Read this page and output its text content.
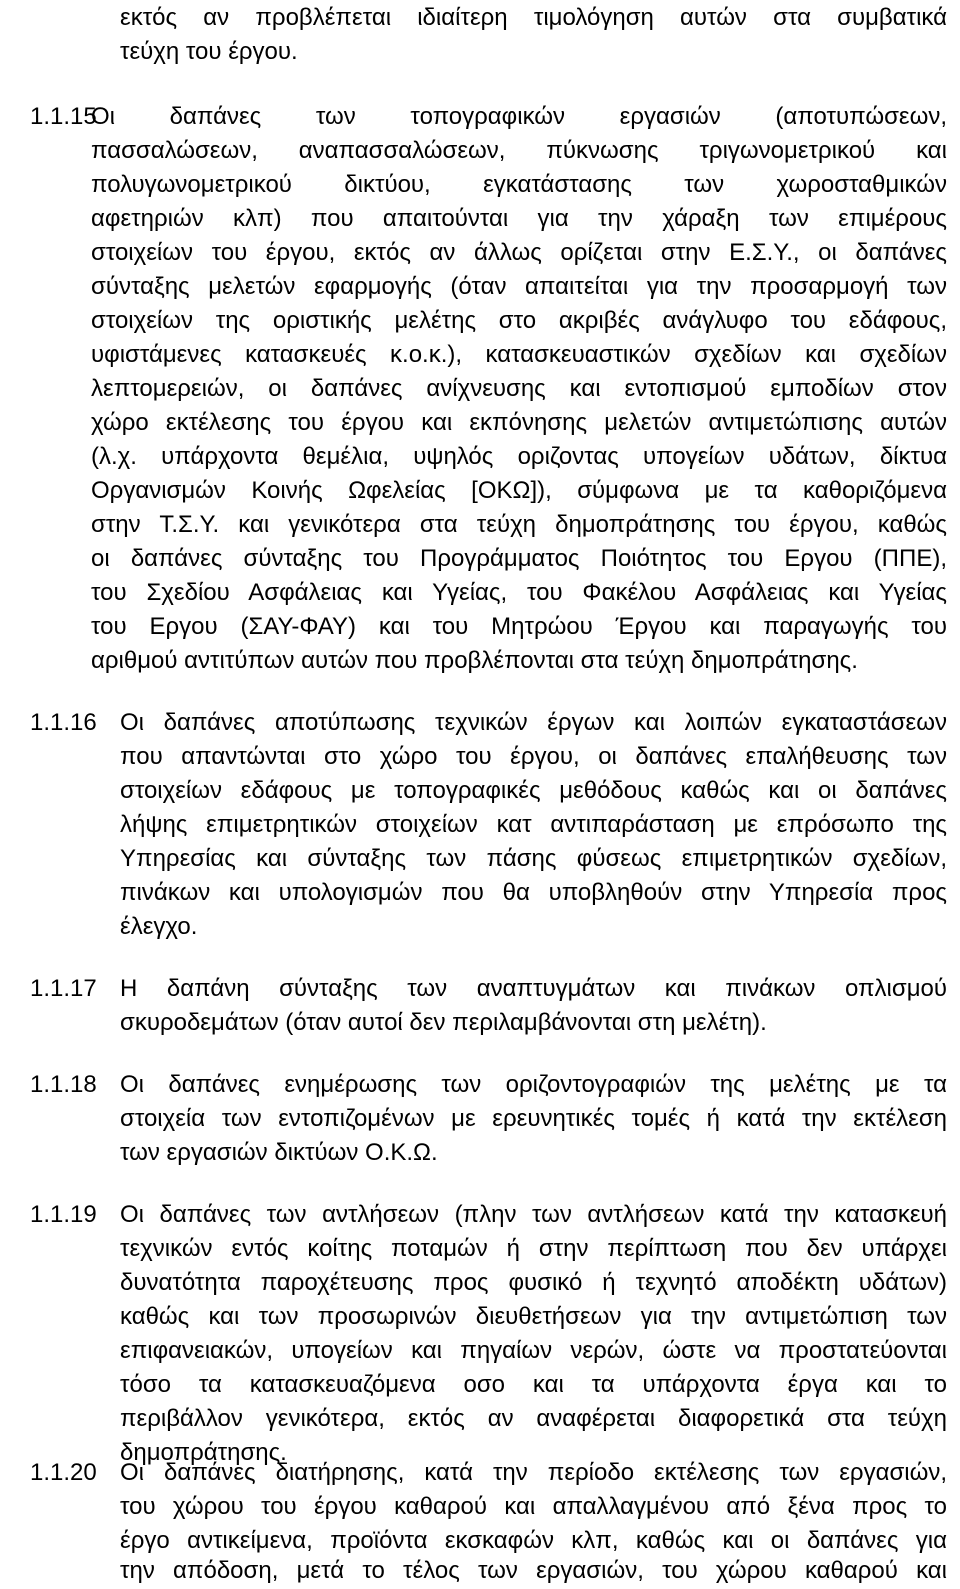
εκτός αν προβλέπεται ιδιαίτερη τιμολόγηση αυτών στα συμβατικά
τεύχη του έργου.
1.1.15
Οι δαπάνες των τοπογραφικών εργασιών (αποτυπώσεων,
πασσαλώσεων, αναπασσαλώσεων, πύκνωσης τριγωνομετρικού και
πολυγωνομετρικού δικτύου, εγκατάστασης των χωροσταθμικών
αφετηριών κλπ) που απαιτούνται για την χάραξη των επιμέρους
στοιχείων του έργου, εκτός αν άλλως ορίζεται στην Ε.Σ.Υ., οι δαπάνες
σύνταξης μελετών εφαρμογής (όταν απαιτείται για την προσαρμογή των
στοιχείων της οριστικής μελέτης στο ακριβές ανάγλυφο του εδάφους,
υφιστάμενες κατασκευές κ.ο.κ.), κατασκευαστικών σχεδίων και σχεδίων
λεπτομερειών, οι δαπάνες ανίχνευσης και εντοπισμού εμποδίων στον
χώρο εκτέλεσης του έργου και εκπόνησης μελετών αντιμετώπισης αυτών
(λ.χ. υπάρχοντα θεμέλια, υψηλός οριζοντας υπογείων υδάτων, δίκτυα
Οργανισμών Κοινής Ωφελείας [ΟΚΩ]), σύμφωνα με τα καθοριζόμενα
στην Τ.Σ.Υ. και γενικότερα στα τεύχη δημοπράτησης του έργου, καθώς
οι δαπάνες σύνταξης του Προγράμματος Ποιότητος του Εργου (ΠΠΕ),
του Σχεδίου Ασφάλειας και Υγείας, του Φακέλου Ασφάλειας και Υγείας
του Εργου (ΣΑΥ-ΦΑΥ) και του Μητρώου Έργου και παραγωγής του
αριθμού αντιτύπων αυτών που προβλέπονται στα τεύχη δημοπράτησης.
1.1.16 Οι δαπάνες αποτύπωσης τεχνικών έργων και λοιπών εγκαταστάσεων
που απαντώνται στο χώρο του έργου, οι δαπάνες επαλήθευσης των
στοιχείων εδάφους με τοπογραφικές μεθόδους καθώς και οι δαπάνες
λήψης επιμετρητικών στοιχείων κατ αντιπαράσταση με επρόσωπο της
Υπηρεσίας και σύνταξης των πάσης φύσεως επιμετρητικών σχεδίων,
πινάκων και υπολογισμών που θα υποβληθούν στην Υπηρεσία προς
έλεγχο.
1.1.17 Η δαπάνη σύνταξης των αναπτυγμάτων και πινάκων οπλισμού
σκυροδεμάτων (όταν αυτοί δεν περιλαμβάνονται στη μελέτη).
1.1.18 Οι δαπάνες ενημέρωσης των οριζοντογραφιών της μελέτης με τα
στοιχεία των εντοπιζομένων με ερευνητικές τομές ή κατά την εκτέλεση
των εργασιών δικτύων Ο.Κ.Ω.
1.1.19 Οι δαπάνες των αντλήσεων (πλην των αντλήσεων κατά την κατασκευή
τεχνικών εντός κοίτης ποταμών ή στην περίπτωση που δεν υπάρχει
δυνατότητα παροχέτευσης προς φυσικό ή τεχνητό αποδέκτη υδάτων)
καθώς και των προσωρινών διευθετήσεων για την αντιμετώπιση των
επιφανειακών, υπογείων και πηγαίων νερών, ώστε να προστατεύονται
τόσο τα κατασκευαζόμενα οσο και τα υπάρχοντα έργα και το
περιβάλλον γενικότερα, εκτός αν αναφέρεται διαφορετικά στα τεύχη
δημοπράτησης.
1.1.20 Οι δαπάνες διατήρησης, κατά την περίοδο εκτέλεσης των εργασιών,
του χώρου του έργου καθαρού και απαλλαγμένου από ξένα προς το
έργο αντικείμενα, προϊόντα εκσκαφών κλπ, καθώς και οι δαπάνες για
την απόδοση, μετά το τέλος των εργασιών, του χώρου καθαρού και
